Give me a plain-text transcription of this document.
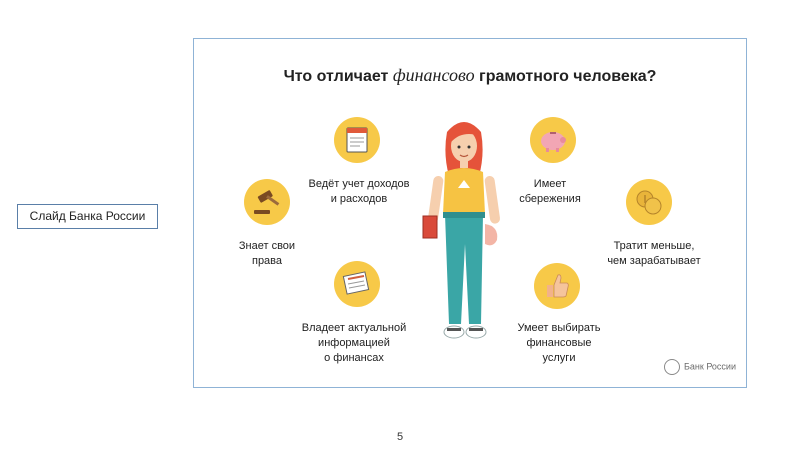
Слайд Банка России
Что отличает финансово грамотного человека?
Ведёт учет доходов
и расходов
Знает свои
права
Владеет актуальной
информацией
о финансах
Имеет
сбережения
Тратит меньше,
чем зарабатывает
Умеет выбирать
финансовые
услуги
Банк России
5
